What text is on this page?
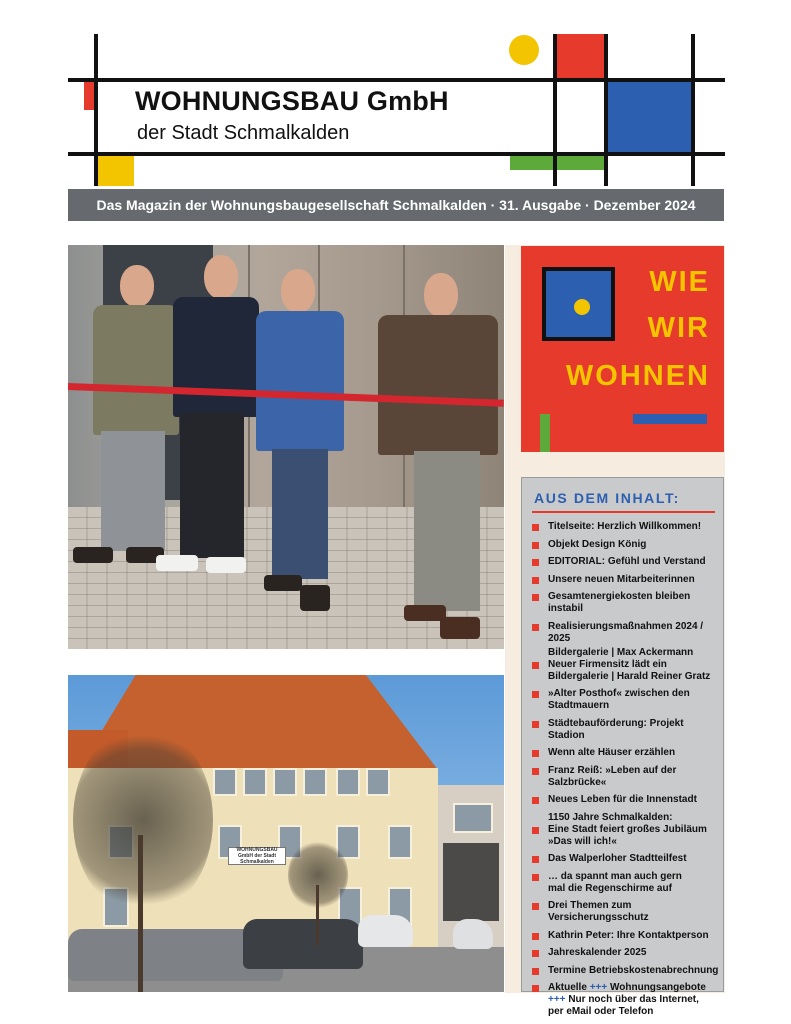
WOHNUNGSBAU GmbH
der Stadt Schmalkalden
Das Magazin der Wohnungsbaugesellschaft Schmalkalden · 31. Ausgabe · Dezember 2024
WIE
WIR
WOHNEN
AUS DEM INHALT:
Titelseite: Herzlich Willkommen!
Objekt Design König
EDITORIAL: Gefühl und Verstand
Unsere neuen Mitarbeiterinnen
Gesamtenergiekosten bleiben instabil
Realisierungsmaßnahmen 2024 / 2025
Bildergalerie | Max Ackermann
Neuer Firmensitz lädt ein
Bildergalerie | Harald Reiner Gratz
»Alter Posthof« zwischen den Stadtmauern
Städtebauförderung: Projekt Stadion
Wenn alte Häuser erzählen
Franz Reiß: »Leben auf der Salzbrücke«
Neues Leben für die Innenstadt
1150 Jahre Schmalkalden:
Eine Stadt feiert großes Jubiläum
»Das will ich!«
Das Walperloher Stadtteilfest
… da spannt man auch gern mal die Regenschirme auf
Drei Themen zum Versicherungsschutz
Kathrin Peter: Ihre Kontaktperson
Jahreskalender 2025
Termine Betriebskostenabrechnung
Aktuelle +++ Wohnungsangebote +++ Nur noch über das Internet, per eMail oder Telefon
WOHNUNGSBAU GmbH der Stadt Schmalkalden
